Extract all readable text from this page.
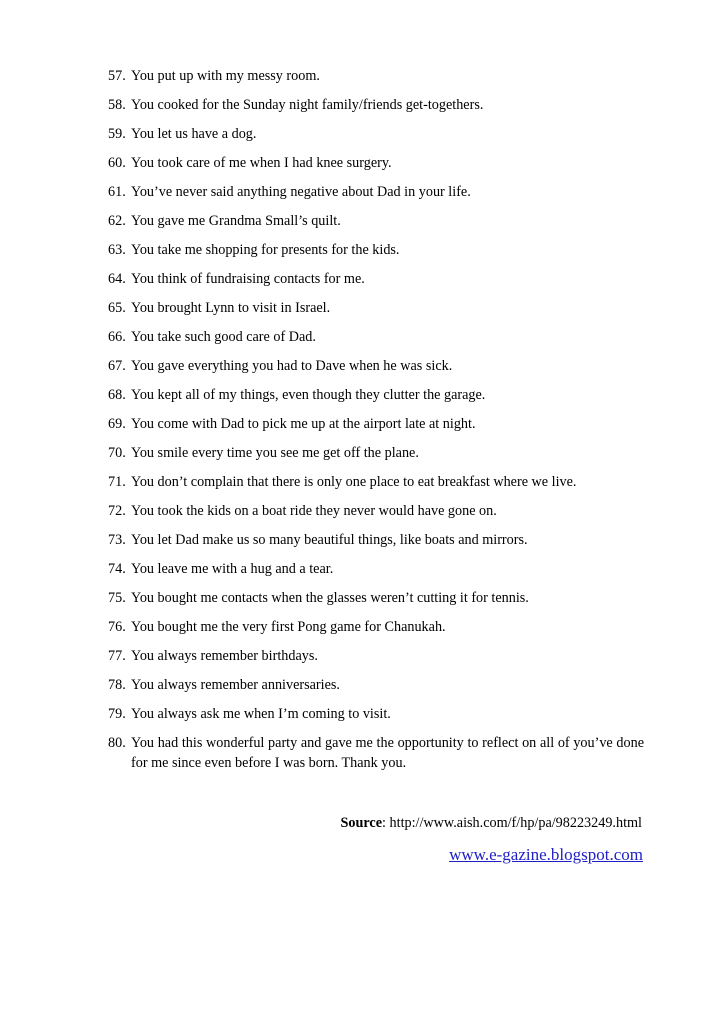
57. You put up with my messy room.
58. You cooked for the Sunday night family/friends get-togethers.
59. You let us have a dog.
60. You took care of me when I had knee surgery.
61. You’ve never said anything negative about Dad in your life.
62. You gave me Grandma Small’s quilt.
63. You take me shopping for presents for the kids.
64. You think of fundraising contacts for me.
65. You brought Lynn to visit in Israel.
66. You take such good care of Dad.
67. You gave everything you had to Dave when he was sick.
68. You kept all of my things, even though they clutter the garage.
69. You come with Dad to pick me up at the airport late at night.
70. You smile every time you see me get off the plane.
71. You don’t complain that there is only one place to eat breakfast where we live.
72. You took the kids on a boat ride they never would have gone on.
73. You let Dad make us so many beautiful things, like boats and mirrors.
74. You leave me with a hug and a tear.
75. You bought me contacts when the glasses weren’t cutting it for tennis.
76. You bought me the very first Pong game for Chanukah.
77. You always remember birthdays.
78. You always remember anniversaries.
79. You always ask me when I’m coming to visit.
80. You had this wonderful party and gave me the opportunity to reflect on all of you’ve done for me since even before I was born. Thank you.
Source: http://www.aish.com/f/hp/pa/98223249.html
www.e-gazine.blogspot.com
